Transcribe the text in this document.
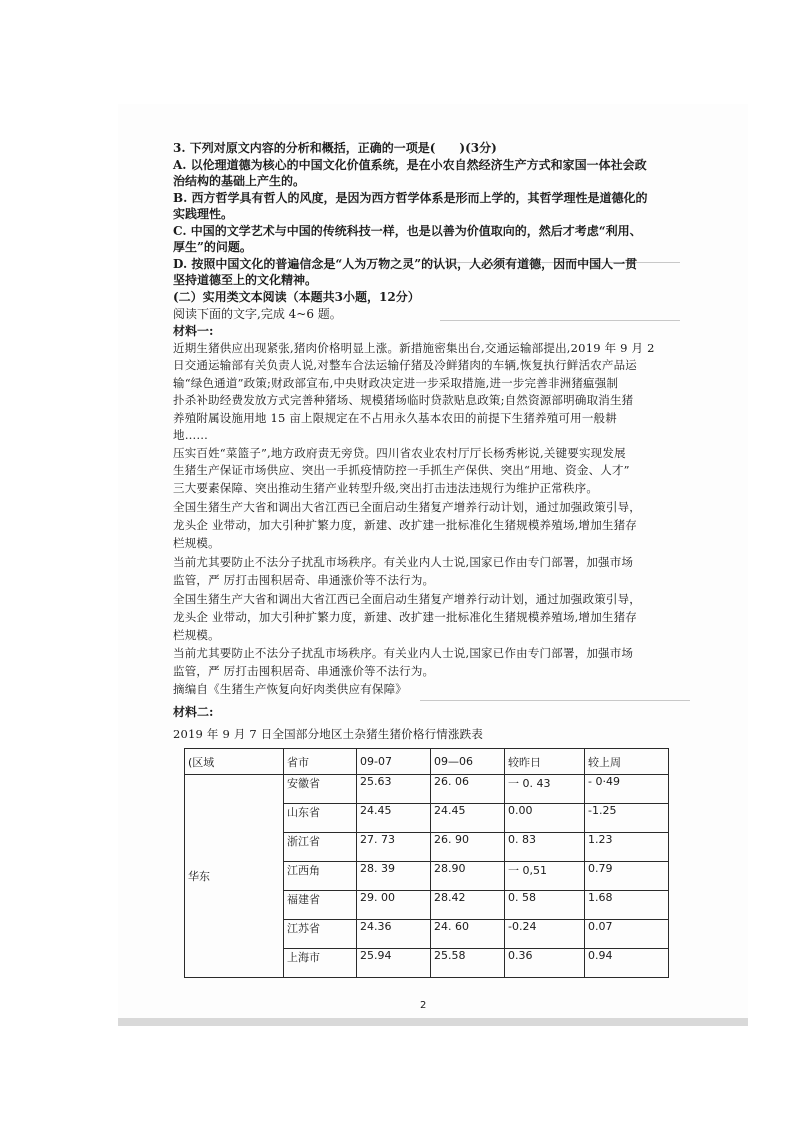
3. 下列对原文内容的分析和概括，正确的一项是(　　)(3分)
A. 以伦理道德为核心的中国文化价值系统，是在小农自然经济生产方式和家国一体社会政
治结构的基础上产生的。
B. 西方哲学具有哲人的风度，是因为西方哲学体系是形而上学的，其哲学理性是道德化的
实践理性。
C. 中国的文学艺术与中国的传统科技一样，也是以善为价值取向的，然后才考虑“利用、
厚生”的问题。
D. 按照中国文化的普遍信念是“人为万物之灵”的认识，人必须有道德，因而中国人一贯
坚持道德至上的文化精神。
(二）实用类文本阅读（本题共3小题，12分）
阅读下面的文字,完成 4~6 题。
材料一:
近期生猪供应出现紧张,猪肉价格明显上涨。新措施密集出台,交通运输部提出,2019 年 9 月 2
日交通运输部有关负责人说,对整车合法运输仔猪及冷鲜猪肉的车辆,恢复执行鲜活农产品运
输“绿色通道”政策;财政部宣布,中央财政决定进一步采取措施,进一步完善非洲猪瘟强制
扑杀补助经费发放方式完善种猪场、规模猪场临时贷款贴息政策;自然资源部明确取消生猪
养殖附属设施用地 15 亩上限规定在不占用永久基本农田的前提下生猪养殖可用一般耕
地……
压实百姓“菜篮子”,地方政府责无旁贷。四川省农业农村厅厅长杨秀彬说,关键要实现发展
生猪生产保证市场供应、突出一手抓疫情防控一手抓生产保供、突出“用地、资金、人才”
三大要素保障、突出推动生猪产业转型升级,突出打击违法违规行为维护正常秩序。
全国生猪生产大省和调出大省江西已全面启动生猪复产增养行动计划，通过加强政策引导，
龙头企 业带动，加大引种扩繁力度，新建、改扩建一批标准化生猪规模养殖场,增加生猪存
栏规模。
当前尤其要防止不法分子扰乱市场秩序。有关业内人士说,国家已作由专门部署，加强市场
监管，严 厉打击囤积居奇、串通涨价等不法行为。
全国生猪生产大省和调出大省江西已全面启动生猪复产增养行动计划，通过加强政策引导，
龙头企 业带动，加大引种扩繁力度，新建、改扩建一批标准化生猪规模养殖场,增加生猪存
栏规模。
当前尤其要防止不法分子扰乱市场秩序。有关业内人士说,国家已作由专门部署，加强市场
监管，严 厉打击囤积居奇、串通涨价等不法行为。
摘编自《生猪生产恢复向好肉类供应有保障》
材料二:
2019 年 9 月 7 日全国部分地区土杂猪生猪价格行情涨跌表
(区域	省市	09-07	09—06	较昨日	较上周
华东	安徽省	25.63	26. 06	一 0. 43	- 0·49
	山东省	24.45	24.45	0.00	-1.25
	浙江省	27. 73	26. 90	0. 83	1.23
	江西角	28. 39	28.90	一 0,51	0.79
	福建省	29. 00	28.42	0. 58	1.68
	江苏省	24.36	24. 60	-0.24	0.07
	上海市	25.94	25.58	0.36	0.94
2
